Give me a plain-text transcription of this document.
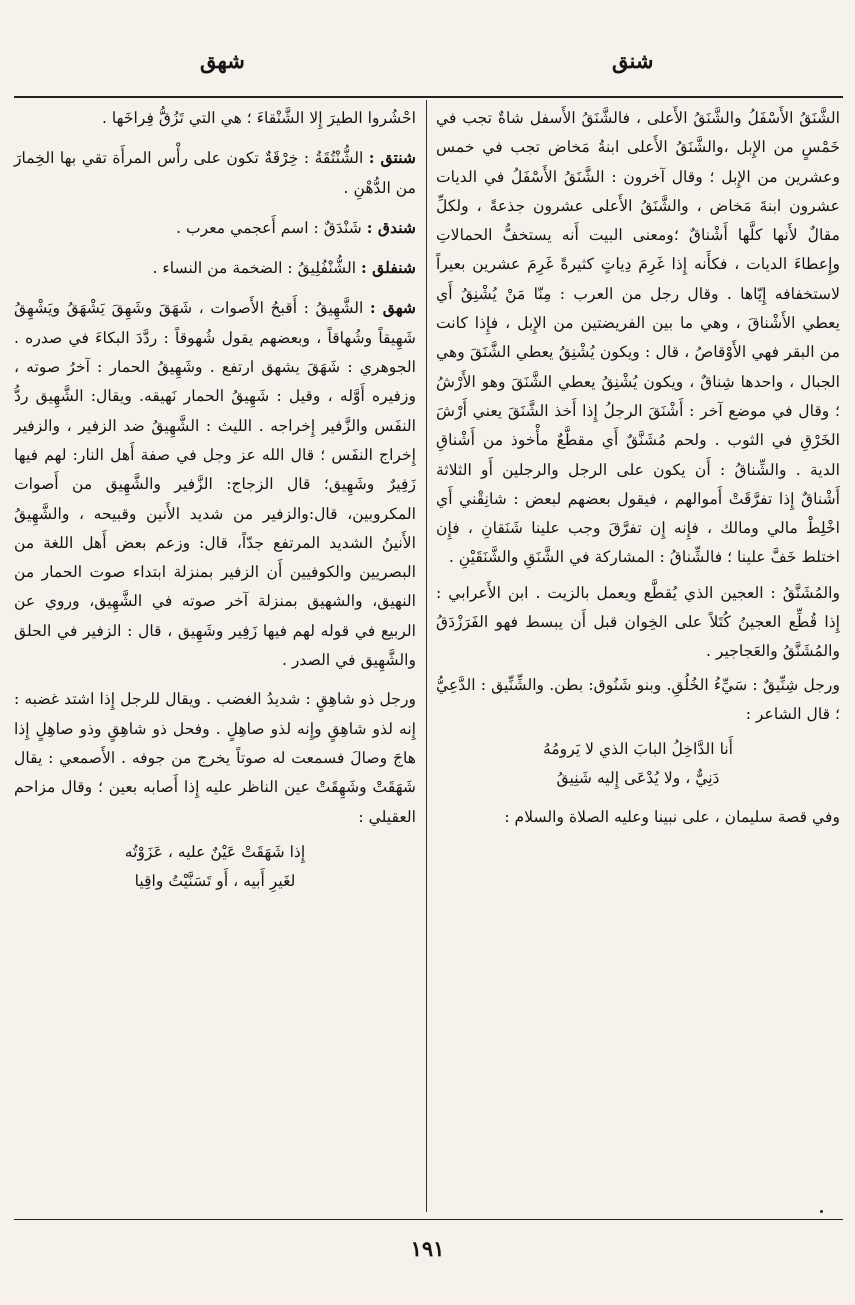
شهق	شنق

الشَّنَقُ الأَسْفَلُ والشَّنَقُ الأَعلى ، فالشَّنَقُ الأَسفل شاةٌ تجب في خَمْسٍ من الإِبل ،والشَّنَقُ الأَعلى ابنةُ مَخاض تجب في خمس وعشرين من الإِبل ؛ وقال آخرون : الشَّنَقُ الأَسْفَلُ في الديات عشرون ابنةَ مَخاض ، والشَّنَقُ الأَعلى عشرون جذعةً ، ولكلِّ مقالٌ لأَنها كلَّها أَشْناقٌ ؛ومعنى البيت أَنه يستخفُّ الحمالاتِ وإِعطاءَ الديات ، فكأَنه إِذا غَرِمَ دِياتٍ كثيرةً غَرِمَ عشرين بعيراً لاستخفافه إِيّاها . وقال رجل من العرب : مِنّا مَنْ يُشْنِقُ أَي يعطي الأَشْناقَ ، وهي ما بين الفريضتين من الإِبل ، فإِذا كانت من البقر فهي الأَوْقاصُ ، قال : ويكون يُشْنِقُ يعطي الشَّنَقَ وهي الجبال ، واحدها شِناقٌ ، ويكون يُشْنِقُ يعطي الشَّنَقَ وهو الأَرْشُ ؛ وقال في موضع آخر : أَشْنَقَ الرجلُ إِذا أَخذ الشَّنَقَ يعني أَرْشَ الخَرْقِ في الثوب . ولحم مُشَنَّقٌ أَي مقطَّعٌ مأْخوذ من أَشْناقِ الدية . والشِّناقُ : أَن يكون على الرجل والرجلين أَو الثلاثة أَشْناقٌ إِذا تفرَّقَتْ أَموالهم ، فيقول بعضهم لبعض : شانِقْني أَي اخْلِطْ مالي ومالك ، فإِنه إِن تفرَّقَ وجب علينا شَنَقانِ ، فإِن اختلط خَفَّ علينا ؛ فالشِّناقُ : المشاركة في الشَّنَقِ والشَّنَقَيْنِ .

والمُشَنَّقُ : العجين الذي يُقطَّع ويعمل بالزيت . ابن الأَعرابي : إِذا قُطِّع العجينُ كُتَلاً على الخِوان قبل أَن يبسط فهو الفَرَزْدَقُ والمُشَنَّقُ والعَجاجير .

ورجل شِنِّيقٌ : سَيِّءُ الخُلُقِ. وبنو شَنُوق: بطن. والشِّنِّيق : الدَّعِيُّ ؛ قال الشاعر :

أَنا الدَّاخِلُ البابَ الذي لا يَرومُهُ
دَنِيٌّ ، ولا يُدْعَى إِليه شَنِيقُ

وفي قصة سليمان ، على نبينا وعليه الصلاة والسلام :

احْشُروا الطيرَ إِلا الشَّنْقاءَ ؛ هي التي تَزُقُّ فِراخَها .

شنتق : الشُّنْتُقَةُ : خِرْقَةٌ تكون على رأْس المرأَة تقي بها الخِمارَ من الدُّهْنِ .

شندق : شَنْدَقٌ : اسم أَعجمي معرب .

شنفلق : الشُّنْفُلِيقُ : الضخمة من النساء .

شهق : الشَّهِيقُ : أَقبحُ الأَصوات ، شَهَقَ وشَهِقَ يَشْهَقُ ويَشْهِقُ شَهِيقاً وشُهاقاً ، وبعضهم يقول شُهوقاً : ردَّدَ البكاءَ في صدره . الجوهري : شَهَقَ يشهق ارتفع . وشَهِيقُ الحمار : آخرُ صوته ، وزفيره أَوَّله ، وقيل : شَهِيقُ الحمار نَهيقه. ويقال: الشَّهِيق ردُّ النفَس والزَّفير إِخراجه . الليث : الشَّهِيقُ ضد الزفير ، والزفير إِخراج النفَس ؛ قال الله عز وجل في صفة أَهل النار: لهم فيها زَفِيرٌ وشَهِيق؛ قال الزجاج: الزَّفير والشَّهِيق من أَصوات المكروبين، قال:والزفير من شديد الأَنين وقبيحه ، والشَّهِيقُ الأَنينُ الشديد المرتفع جدّاً، قال: وزعم بعض أَهل اللغة من البصريين والكوفيين أَن الزفير بمنزلة ابتداء صوت الحمار من النهيق، والشهيق بمنزلة آخر صوته في الشَّهِيق، وروي عن الربيع في قوله لهم فيها زَفِير وشَهِيق ، قال : الزفير في الحلق والشَّهِيق في الصدر .

ورجل ذو شاهِقٍ : شديدُ الغضب . ويقال للرجل إِذا اشتد غضبه : إِنه لذو شاهِقٍ وإِنه لذو صاهِلٍ . وفحل ذو شاهِقٍ وذو صاهِلٍ إِذا هاجَ وصالَ فسمعت له صوتاً يخرج من جوفه . الأَصمعي : يقال شَهَقَتْ وشَهِقَتْ عين الناظر عليه إِذا أَصابه بعين ؛ وقال مزاحم العقيلي :

إِذا شَهَقَتْ عَيْنٌ عليه ، عَزَوْتُه
لغَيرِ أَبيه ، أَو تَسَنَّيْتُ واقِيا
١٩١
